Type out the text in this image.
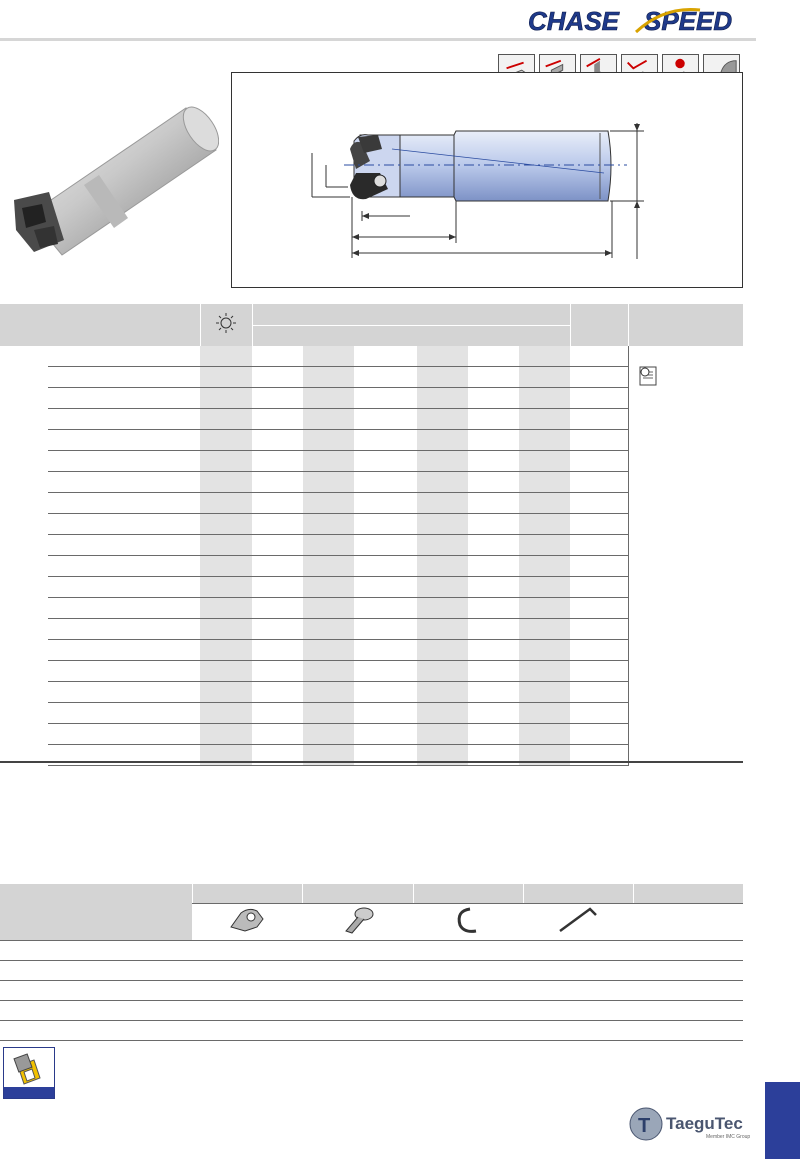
CHASE SPEED

T TaeguTec
Member IMC Group
